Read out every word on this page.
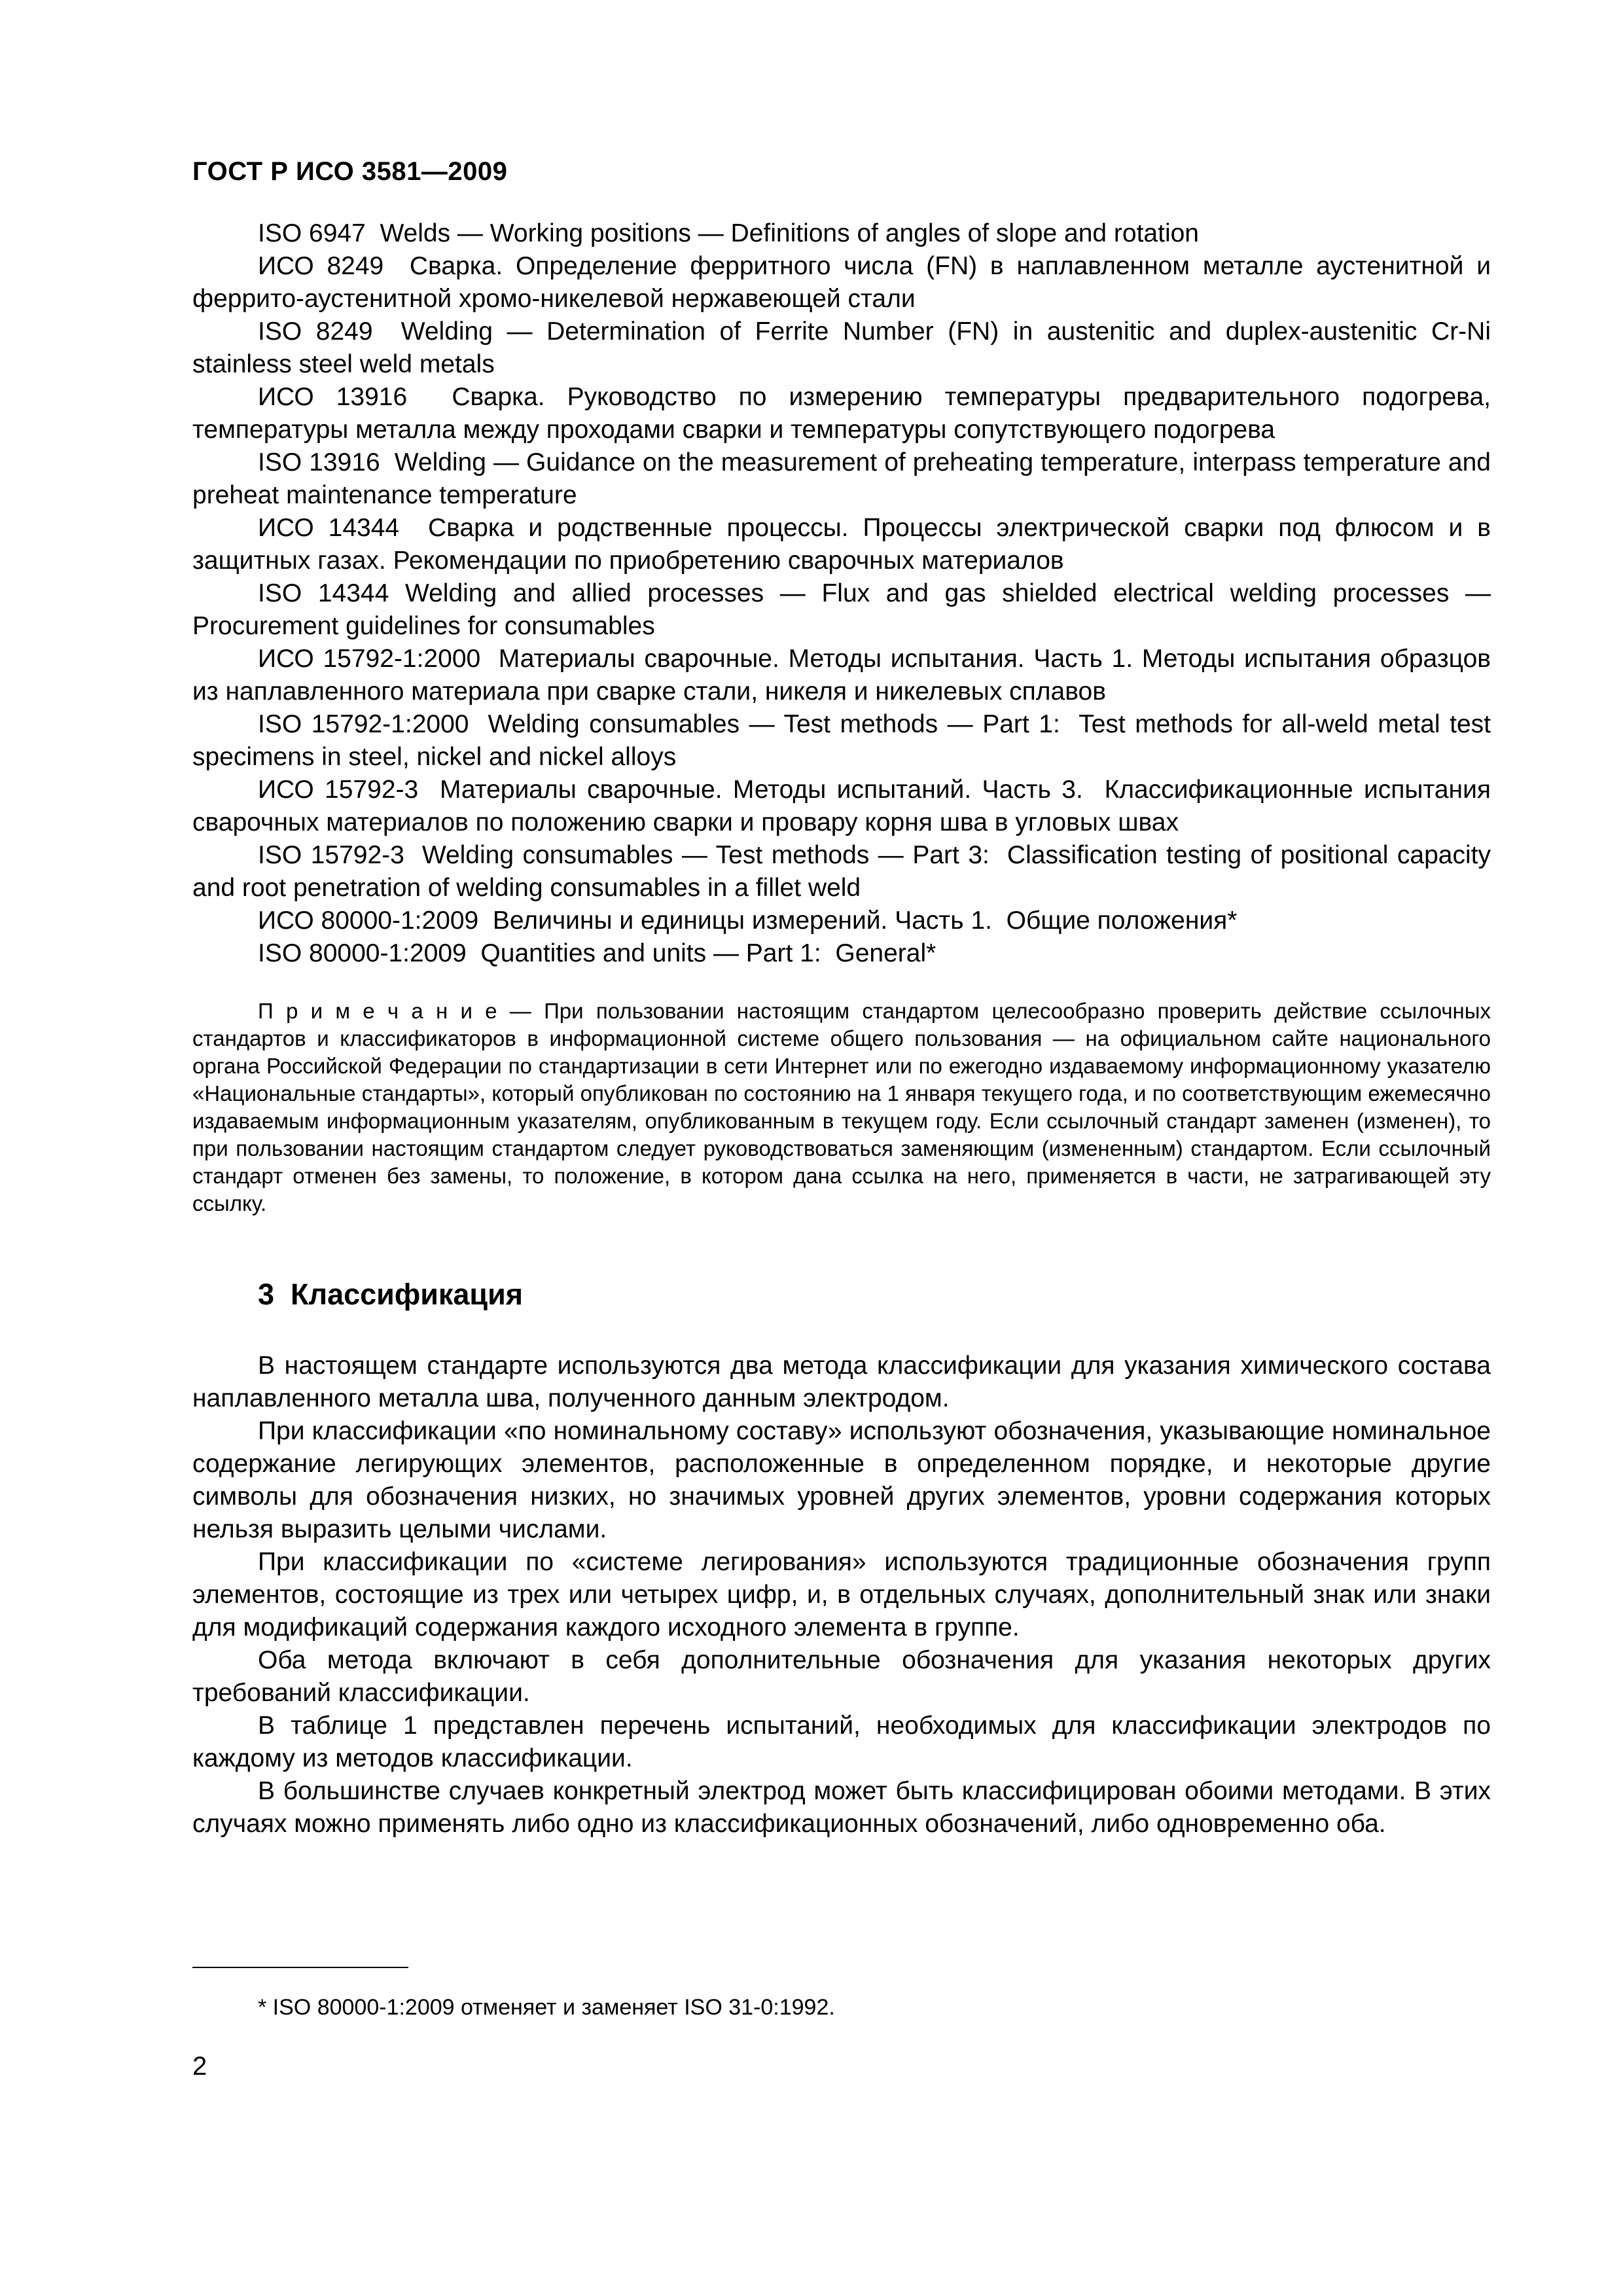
ГОСТ Р ИСО 3581—2009

ISO 6947  Welds — Working positions — Definitions of angles of slope and rotation

ИСО 8249  Сварка. Определение ферритного числа (FN) в наплавленном металле аустенитной и феррито-аустенитной хромо-никелевой нержавеющей стали

ISO 8249  Welding — Determination of Ferrite Number (FN) in austenitic and duplex-austenitic Cr-Ni stainless steel weld metals

ИСО 13916  Сварка. Руководство по измерению температуры предварительного подогрева, температуры металла между проходами сварки и температуры сопутствующего подогрева

ISO 13916  Welding — Guidance on the measurement of preheating temperature, interpass temperature and preheat maintenance temperature

ИСО 14344  Сварка и родственные процессы. Процессы электрической сварки под флюсом и в защитных газах. Рекомендации по приобретению сварочных материалов

ISO 14344 Welding and allied processes — Flux and gas shielded electrical welding processes — Procurement guidelines for consumables

ИСО 15792-1:2000  Материалы сварочные. Методы испытания. Часть 1. Методы испытания образцов из наплавленного материала при сварке стали, никеля и никелевых сплавов

ISO 15792-1:2000  Welding consumables — Test methods — Part 1:  Test methods for all-weld metal test specimens in steel, nickel and nickel alloys

ИСО 15792-3  Материалы сварочные. Методы испытаний. Часть 3.  Классификационные испытания сварочных материалов по положению сварки и провару корня шва в угловых швах

ISO 15792-3  Welding consumables — Test methods — Part 3:  Classification testing of positional capacity and root penetration of welding consumables in a fillet weld

ИСО 80000-1:2009  Величины и единицы измерений. Часть 1.  Общие положения*

ISO 80000-1:2009  Quantities and units — Part 1:  General*

П р и м е ч а н и е — При пользовании настоящим стандартом целесообразно проверить действие ссылочных стандартов и классификаторов в информационной системе общего пользования — на официальном сайте национального органа Российской Федерации по стандартизации в сети Интернет или по ежегодно издаваемому информационному указателю «Национальные стандарты», который опубликован по состоянию на 1 января текущего года, и по соответствующим ежемесячно издаваемым информационным указателям, опубликованным в текущем году. Если ссылочный стандарт заменен (изменен), то при пользовании настоящим стандартом следует руководствоваться заменяющим (измененным) стандартом. Если ссылочный стандарт отменен без замены, то положение, в котором дана ссылка на него, применяется в части, не затрагивающей эту ссылку.

3  Классификация

В настоящем стандарте используются два метода классификации для указания химического состава наплавленного металла шва, полученного данным электродом.

При классификации «по номинальному составу» используют обозначения, указывающие номинальное содержание легирующих элементов, расположенные в определенном порядке, и некоторые другие символы для обозначения низких, но значимых уровней других элементов, уровни содержания которых нельзя выразить целыми числами.

При классификации по «системе легирования» используются традиционные обозначения групп элементов, состоящие из трех или четырех цифр, и, в отдельных случаях, дополнительный знак или знаки для модификаций содержания каждого исходного элемента в группе.

Оба метода включают в себя дополнительные обозначения для указания некоторых других требований классификации.

В таблице 1 представлен перечень испытаний, необходимых для классификации электродов по каждому из методов классификации.

В большинстве случаев конкретный электрод может быть классифицирован обоими методами. В этих случаях можно применять либо одно из классификационных обозначений, либо одновременно оба.

* ISO 80000-1:2009 отменяет и заменяет ISO 31-0:1992.

2
